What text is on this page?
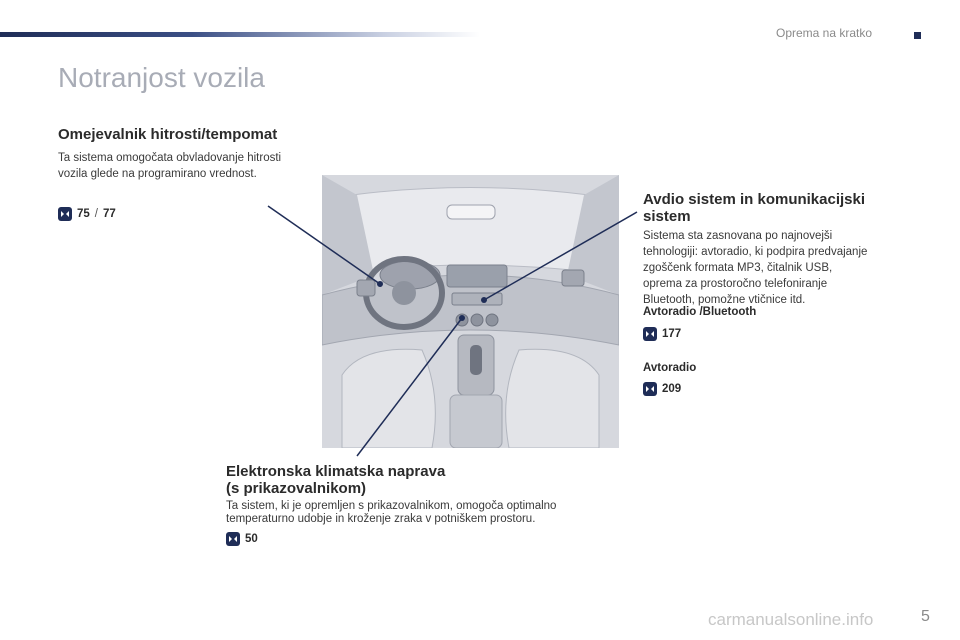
Oprema na kratko
Notranjost vozila
Omejevalnik hitrosti/tempomat
Ta sistema omogočata obvladovanje hitrosti
vozila glede na programirano vrednost.
75 / 77
Avdio sistem in komunikacijski
sistem
Sistema sta zasnovana po najnovejši
tehnologiji: avtoradio, ki podpira predvajanje
zgoščenk formata MP3, čitalnik USB,
oprema za prostoročno telefoniranje
Bluetooth, pomožne vtičnice itd.
Avtoradio /Bluetooth
177
Avtoradio
209
Elektronska klimatska naprava
(s prikazovalnikom)
Ta sistem, ki je opremljen s prikazovalnikom, omogoča optimalno
temperaturno udobje in kroženje zraka v potniškem prostoru.
50
carmanualsonline.info	5
